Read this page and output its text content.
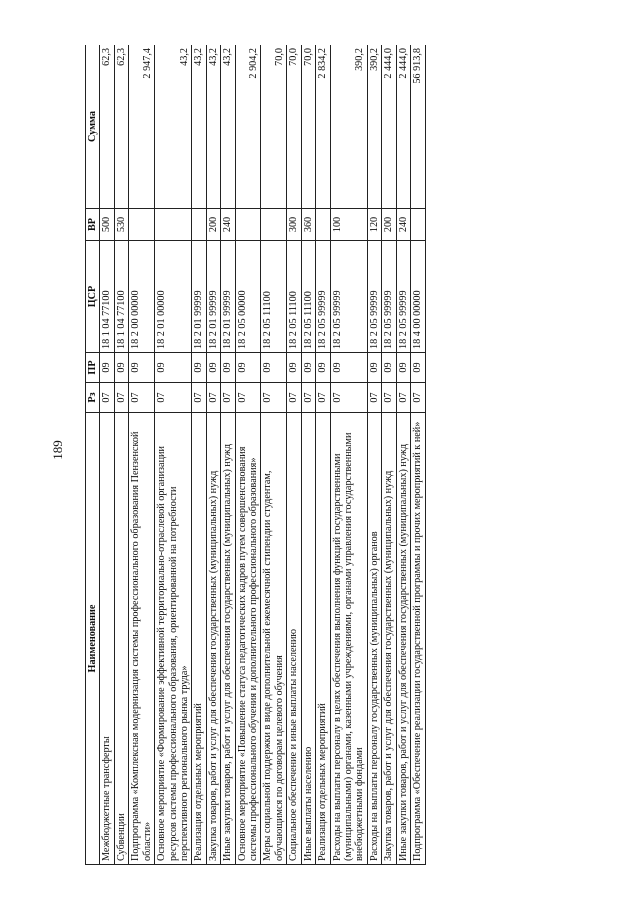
189
Наименование	Рз	ПР	ЦСР	ВР	Сумма
Межбюджетные трансферты	07	09	18 1 04 77100	500	62,3
Субвенции	07	09	18 1 04 77100	530	62,3
Подпрограмма «Комплексная модернизация системы профессионального образования Пензенской области»	07	09	18 2 00 00000		2 947,4
Основное мероприятие «Формирование эффективной территориально-отраслевой организации ресурсов системы профессионального образования, ориентированной на потребности перспективного регионального рынка труда»	07	09	18 2 01 00000		43,2
Реализация отдельных мероприятий	07	09	18 2 01 99999		43,2
Закупка товаров, работ и услуг для обеспечения государственных (муниципальных) нужд	07	09	18 2 01 99999	200	43,2
Иные закупки товаров, работ и услуг для обеспечения государственных (муниципальных) нужд	07	09	18 2 01 99999	240	43,2
Основное мероприятие «Повышение статуса педагогических кадров путем совершенствования системы профессионального обучения и дополнительного профессионального образования»	07	09	18 2 05 00000		2 904,2
Меры социальной поддержки в виде дополнительной ежемесячной стипендии студентам, обучающимся по договорам целевого обучения	07	09	18 2 05 11100		70,0
Социальное обеспечение и иные выплаты населению	07	09	18 2 05 11100	300	70,0
Иные выплаты населению	07	09	18 2 05 11100	360	70,0
Реализация отдельных мероприятий	07	09	18 2 05 99999		2 834,2
Расходы на выплаты персоналу в целях обеспечения выполнения функций государственными (муниципальными) органами, казенными учреждениями, органами управления государственными внебюджетными фондами	07	09	18 2 05 99999	100	390,2
Расходы на выплаты персоналу государственных (муниципальных) органов	07	09	18 2 05 99999	120	390,2
Закупка товаров, работ и услуг для обеспечения государственных (муниципальных) нужд	07	09	18 2 05 99999	200	2 444,0
Иные закупки товаров, работ и услуг для обеспечения государственных (муниципальных) нужд	07	09	18 2 05 99999	240	2 444,0
Подпрограмма «Обеспечение реализации государственной программы и прочих мероприятий к ней»	07	09	18 4 00 00000		56 913,8
